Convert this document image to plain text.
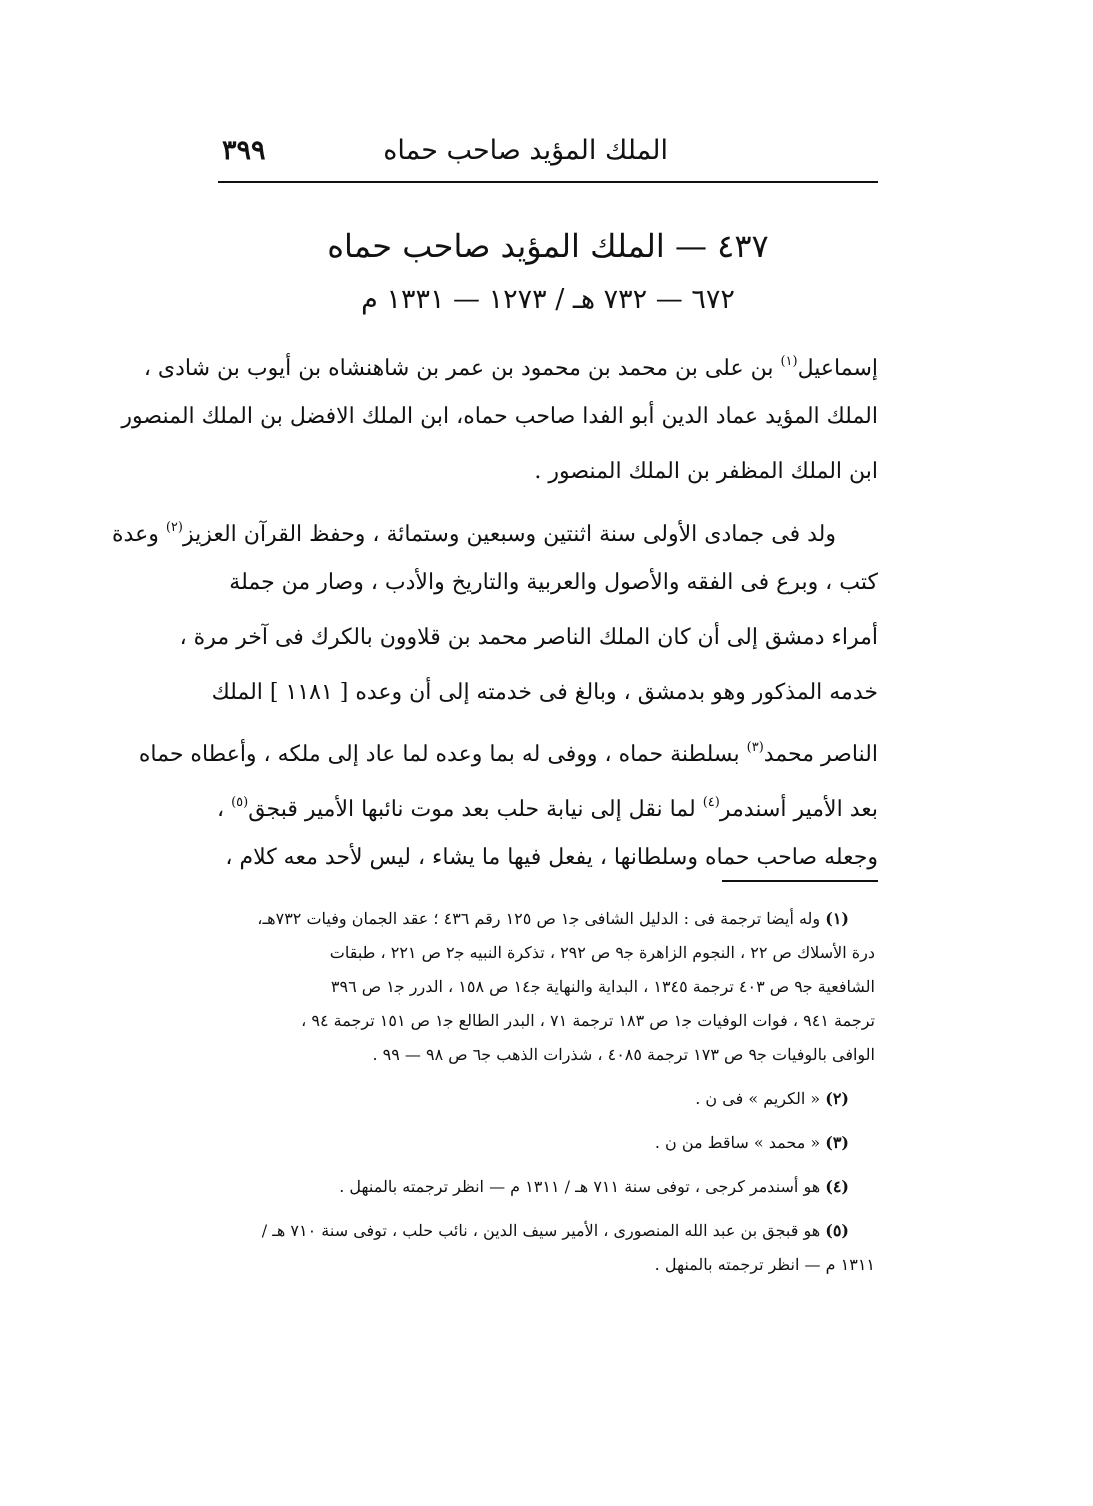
الملك المؤيد صاحب حماه
٣٩٩
٤٣٧ — الملك المؤيد صاحب حماه
٦٧٢ — ٧٣٢ هـ / ١٢٧٣ — ١٣٣١ م
إسماعيل$^{(١)}$ بن على بن محمد بن محمود بن عمر بن شاهنشاه بن أيوب بن شادى ،
الملك المؤيد عماد الدين أبو الفدا صاحب حماه، ابن الملك الافضل بن الملك المنصور
ابن الملك المظفر بن الملك المنصور .
ولد فى جمادى الأولى سنة اثنتين وسبعين وستمائة ، وحفظ القرآن العزيز$^{(٢)}$ وعدة
كتب ، وبرع فى الفقه والأصول والعربية والتاريخ والأدب ، وصار من جملة
أمراء دمشق إلى أن كان الملك الناصر محمد بن قلاوون بالكرك فى آخر مرة ،
خدمه المذكور وهو بدمشق ، وبالغ فى خدمته إلى أن وعده [ ١١٨١ ] الملك
الناصر محمد$^{(٣)}$ بسلطنة حماه ، ووفى له بما وعده لما عاد إلى ملكه ، وأعطاه حماه
بعد الأمير أسندمر$^{(٤)}$ لما نقل إلى نيابة حلب بعد موت نائبها الأمير قبجق$^{(٥)}$ ،
وجعله صاحب حماه وسلطانها ، يفعل فيها ما يشاء ، ليس لأحد معه كلام ،
(١) وله أيضا ترجمة فى : الدليل الشافى ﺟ١ ص ١٢٥ رقم ٤٣٦ ؛ عقد الجمان وفيات ٧٣٢هـ،
درة الأسلاك ص ٢٢ ، النجوم الزاهرة ﺟ٩ ص ٢٩٢ ، تذكرة النبيه ﺟ٢ ص ٢٢١ ، طبقات
الشافعية ﺟ٩ ص ٤٠٣ ترجمة ١٣٤٥ ، البداية والنهاية ﺟ١٤ ص ١٥٨ ، الدرر ﺟ١ ص ٣٩٦
ترجمة ٩٤١ ، فوات الوفيات ﺟ١ ص ١٨٣ ترجمة ٧١ ، البدر الطالع ﺟ١ ص ١٥١ ترجمة ٩٤ ،
الوافى بالوفيات ﺟ٩ ص ١٧٣ ترجمة ٤٠٨٥ ، شذرات الذهب ﺟ٦ ص ٩٨ — ٩٩ .
(٢) « الكريم » فى ن .
(٣) « محمد » ساقط من ن .
(٤) هو أسندمر كرجى ، توفى سنة ٧١١ هـ / ١٣١١ م — انظر ترجمته بالمنهل .
(٥) هو قبجق بن عبد الله المنصورى ، الأمير سيف الدين ، نائب حلب ، توفى سنة ٧١٠ هـ /
١٣١١ م — انظر ترجمته بالمنهل .
